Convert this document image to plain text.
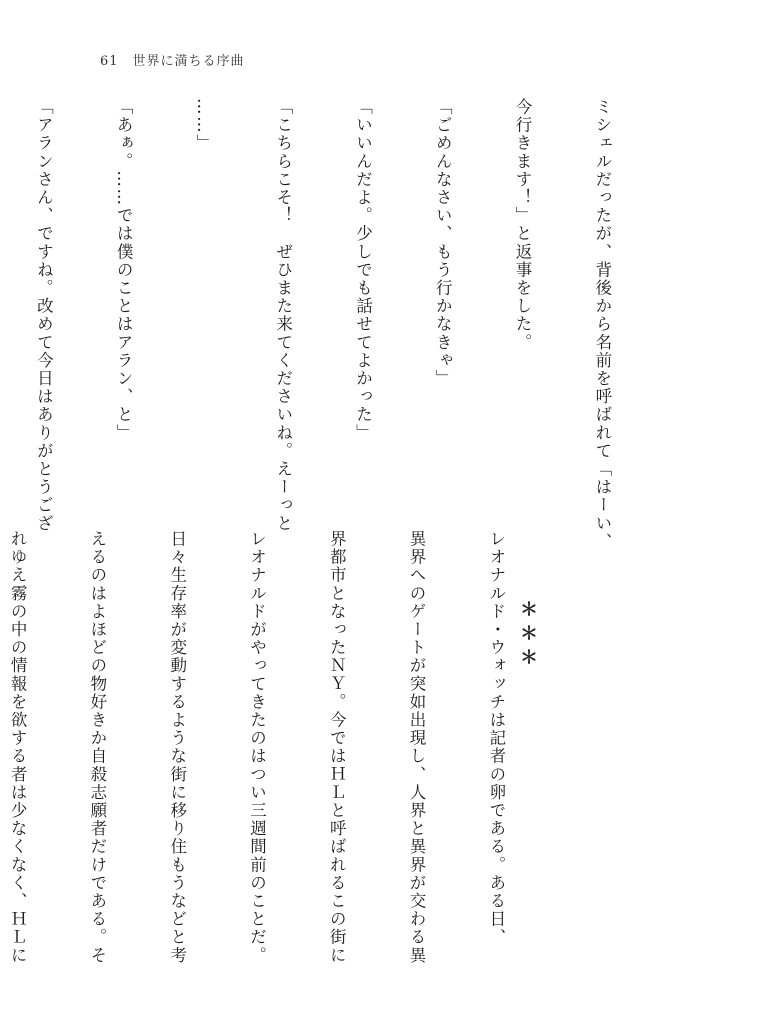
61 世界に満ちる序曲

ミシェルだったが、背後から名前を呼ばれて「はーい、

今行きます！」と返事をした。

「ごめんなさい、もう行かなきゃ」

「いいんだよ。少しでも話せてよかった」

「こちらこそ！　ぜひまた来てくださいね。えーっと

……」

「あぁ。……では僕のことはアラン、と」

「アランさん、ですね。改めて今日はありがとうござ

＊＊＊

レオナルド・ウォッチは記者の卵である。ある日、

異界へのゲートが突如出現し、人界と異界が交わる異

界都市となったＮＹ。今ではＨＬと呼ばれるこの街に

レオナルドがやってきたのはつい三週間前のことだ。

日々生存率が変動するような街に移り住もうなどと考

えるのはよほどの物好きか自殺志願者だけである。そ

れゆえ霧の中の情報を欲する者は少なくなく、ＨＬに
